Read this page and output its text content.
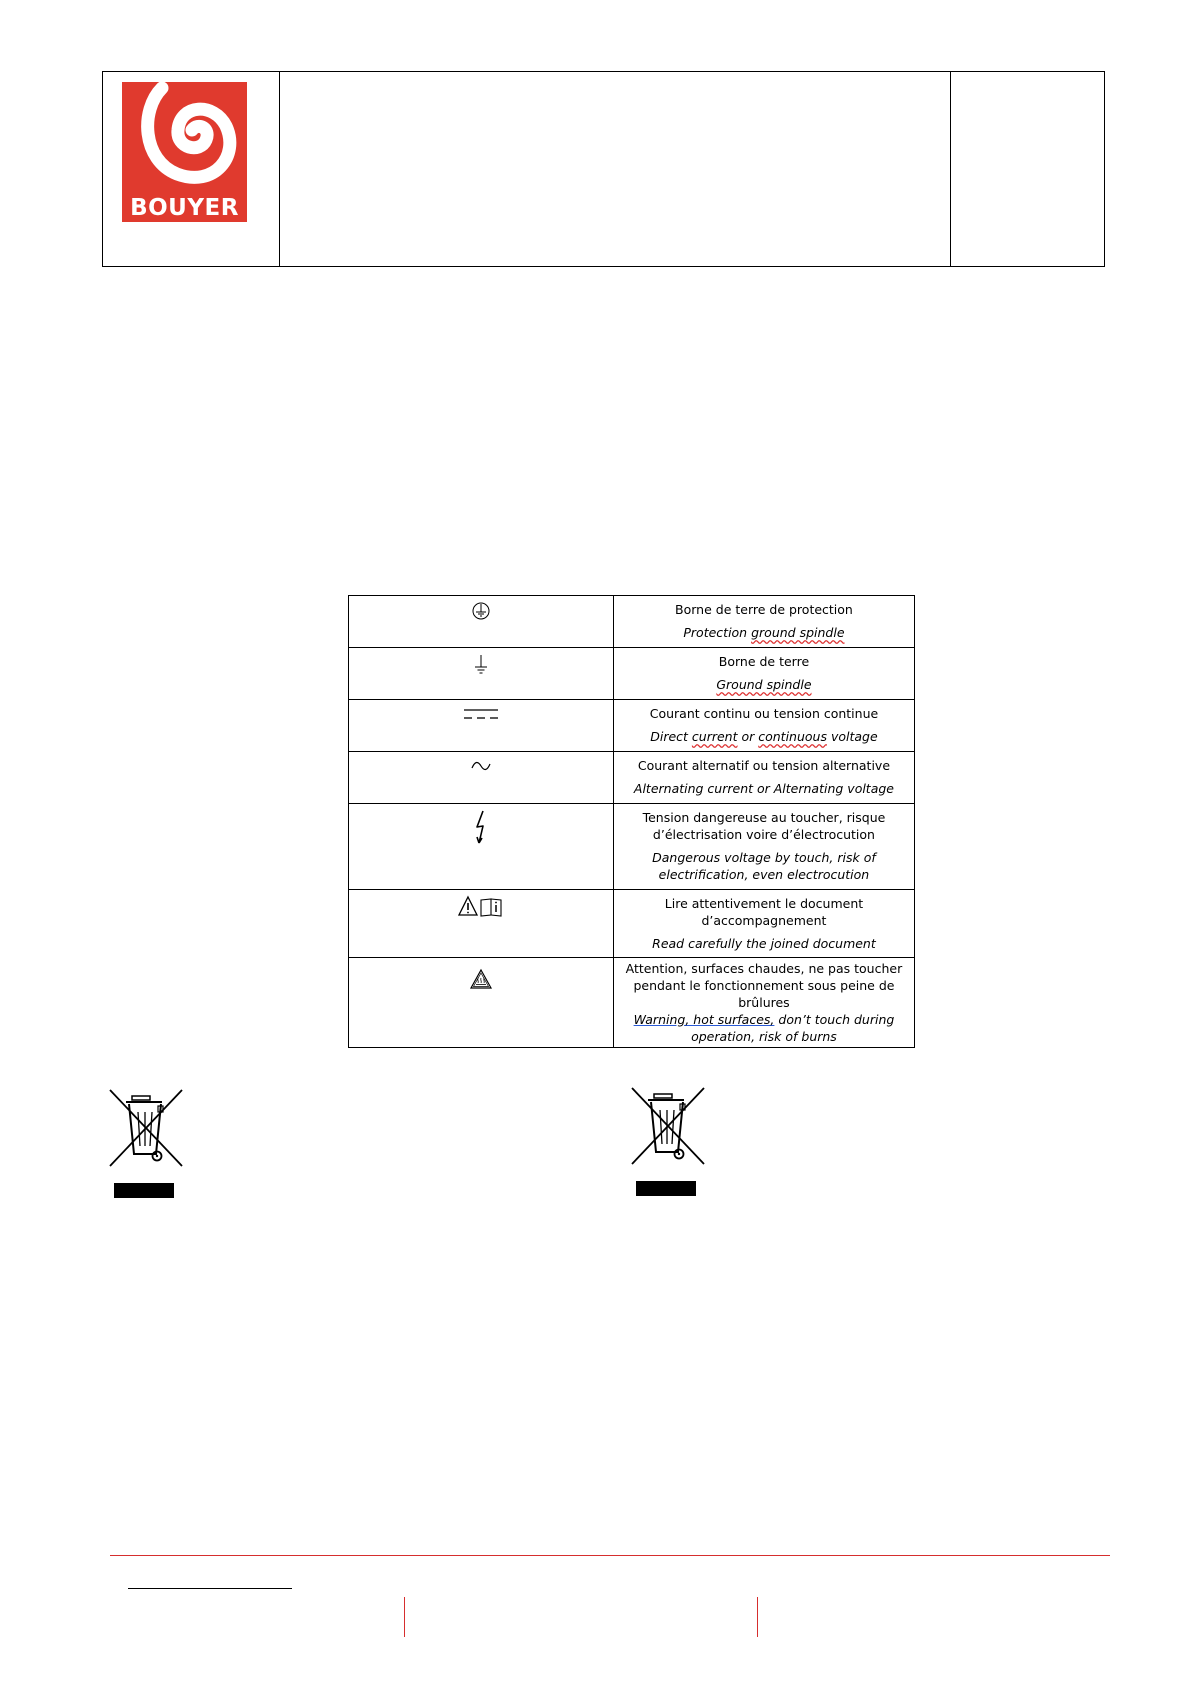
BOUYER

Borne de terre de protection
Protection ground spindle

Borne de terre
Ground spindle

Courant continu ou tension continue
Direct current or continuous voltage

Courant alternatif ou tension alternative
Alternating current or Alternating voltage

Tension dangereuse au toucher, risque d’électrisation voire d’électrocution
Dangerous voltage by touch, risk of electrification, even electrocution

Lire attentivement le document d’accompagnement
Read carefully the joined document

Attention, surfaces chaudes, ne pas toucher pendant le fonctionnement sous peine de brûlures
Warning, hot surfaces, don’t touch during operation, risk of burns
